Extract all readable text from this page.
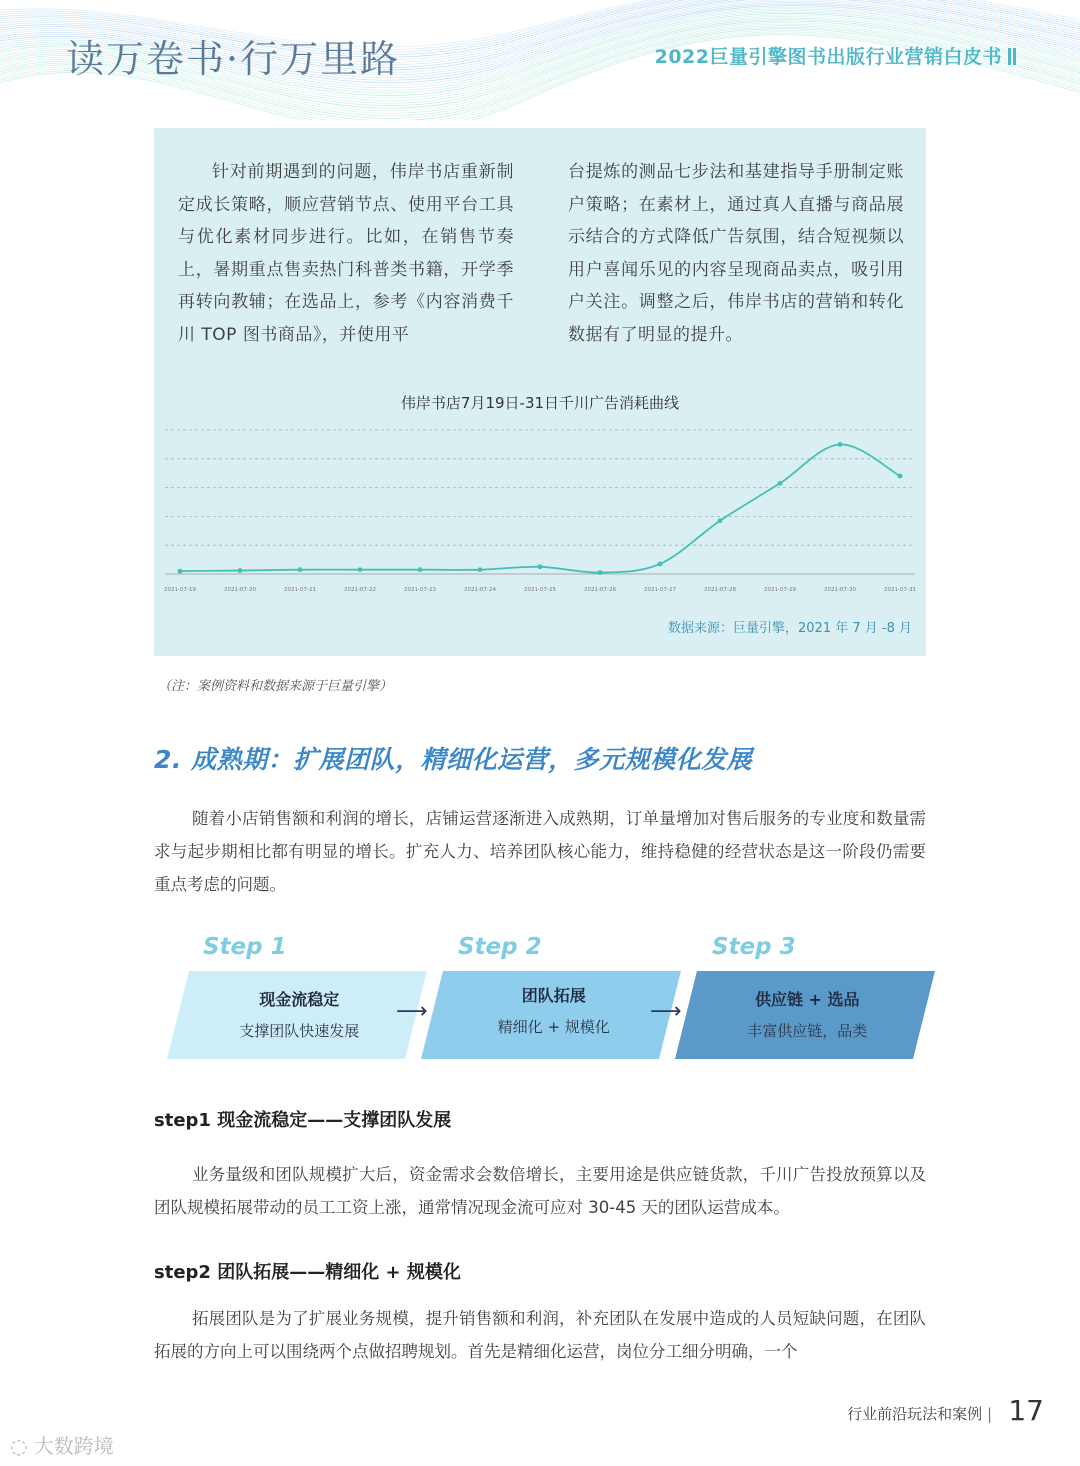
读万卷书·行万里路	2022巨量引擎图书出版行业营销白皮书
针对前期遇到的问题，伟岸书店重新制定成长策略，顺应营销节点、使用平台工具与优化素材同步进行。比如，在销售节奏上，暑期重点售卖热门科普类书籍，开学季再转向教辅；在选品上，参考《内容消费千川 TOP 图书商品》，并使用平
台提炼的测品七步法和基建指导手册制定账户策略；在素材上，通过真人直播与商品展示结合的方式降低广告氛围，结合短视频以用户喜闻乐见的内容呈现商品卖点，吸引用户关注。调整之后，伟岸书店的营销和转化数据有了明显的提升。
伟岸书店7月19日-31日千川广告消耗曲线
2021-07-19	2021-07-20	2021-07-21	2021-07-22	2021-07-23	2021-07-24	2021-07-25	2021-07-26	2021-07-27	2021-07-28	2021-07-29	2021-07-30	2021-07-31
数据来源：巨量引擎，2021 年 7 月 -8 月
（注：案例资料和数据来源于巨量引擎）
2. 成熟期：扩展团队，精细化运营，多元规模化发展
随着小店销售额和利润的增长，店铺运营逐渐进入成熟期，订单量增加对售后服务的专业度和数量需求与起步期相比都有明显的增长。扩充人力、培养团队核心能力，维持稳健的经营状态是这一阶段仍需要重点考虑的问题。
Step 1	Step 2	Step 3
现金流稳定
支撑团队快速发展
⟶
团队拓展
精细化 + 规模化
⟶	供应链 + 选品
丰富供应链，品类
step1 现金流稳定——支撑团队发展
业务量级和团队规模扩大后，资金需求会数倍增长，主要用途是供应链货款，千川广告投放预算以及团队规模拓展带动的员工工资上涨，通常情况现金流可应对 30-45 天的团队运营成本。
step2 团队拓展——精细化 + 规模化
拓展团队是为了扩展业务规模，提升销售额和利润，补充团队在发展中造成的人员短缺问题，在团队拓展的方向上可以围绕两个点做招聘规划。首先是精细化运营，岗位分工细分明确，一个
行业前沿玩法和案例 | 17
◌ 大数跨境
